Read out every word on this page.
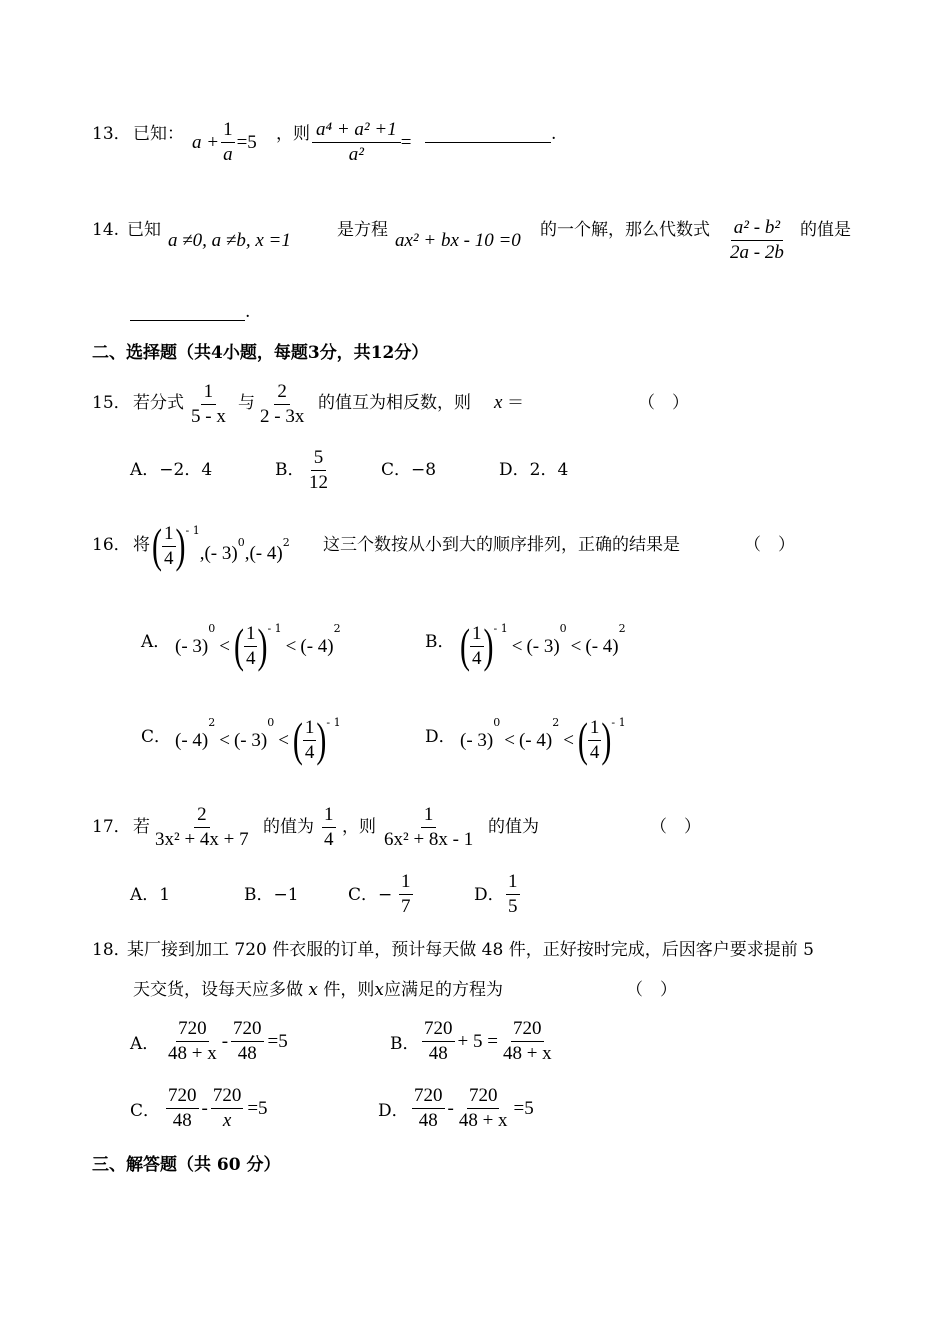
13． 已知： $a + \frac{1}{a} =5$ ，则 $\frac{\text{a⁴ + a² +1}}{\text{a²}}$ =	.
14. 已知 a ≠0, a ≠b, x =1	是方程 ax² + bx - 10 =0 的一个解，那么代数式 $\frac{\text{a² - b²}}{2a - 2b}$ 的值是
.
二、选择题（共4小题，每题3分，共12分）
15． 若分式 $\frac{1}{5 - x}$ 与 $\frac{2}{2 - 3x}$ 的值互为相反数，则 x ＝	（　）
A．−2．4	B． $\frac{5}{12}$	C．−8	D．2．4
16． 将 ( $\frac{1}{4}$ ) - 1
, (- 3) 0 , (- 4) 2 这三个数按从小到大的顺序排列，正确的结果是	（　）
A． (- 3)
0
< ( $\frac{1}{4}$ ) - 1
< (- 4)
2
B． ( $\frac{1}{4}$ ) - 1
< (- 3)
0
< (- 4)
2
C． (- 4)
2
< (- 3)
0
< ( $\frac{1}{4}$ ) - 1
D． (- 3)
0
< (- 4)
2
< ( $\frac{1}{4}$ ) - 1
17． 若 $\frac{2}{\text{3x² + 4x + 7}}$ 的值为 $\frac{1}{4}$ ，则 $\frac{1}{\text{6x² + 8x - 1}}$ 的值为	（　）
A．1	B．−1	C．− $\frac{1}{7}$	D． $\frac{1}{5}$
18．
某厂接到加工 720 件衣服的订单，预计每天做 48 件，正好按时完成，后因客户要求提前 5
天交货，设每天应多做 x 件，则x应满足的方程为	（　）
A． $\frac{720}{48 + x} - \frac{720}{48} =5$	B． $\frac{720}{48} + 5 = \frac{720}{48 + x}$
C． $\frac{720}{48} - \frac{720}{x} =5$	D． $\frac{720}{48} - \frac{720}{48 + x} =5$
三、解答题（共 60 分）
